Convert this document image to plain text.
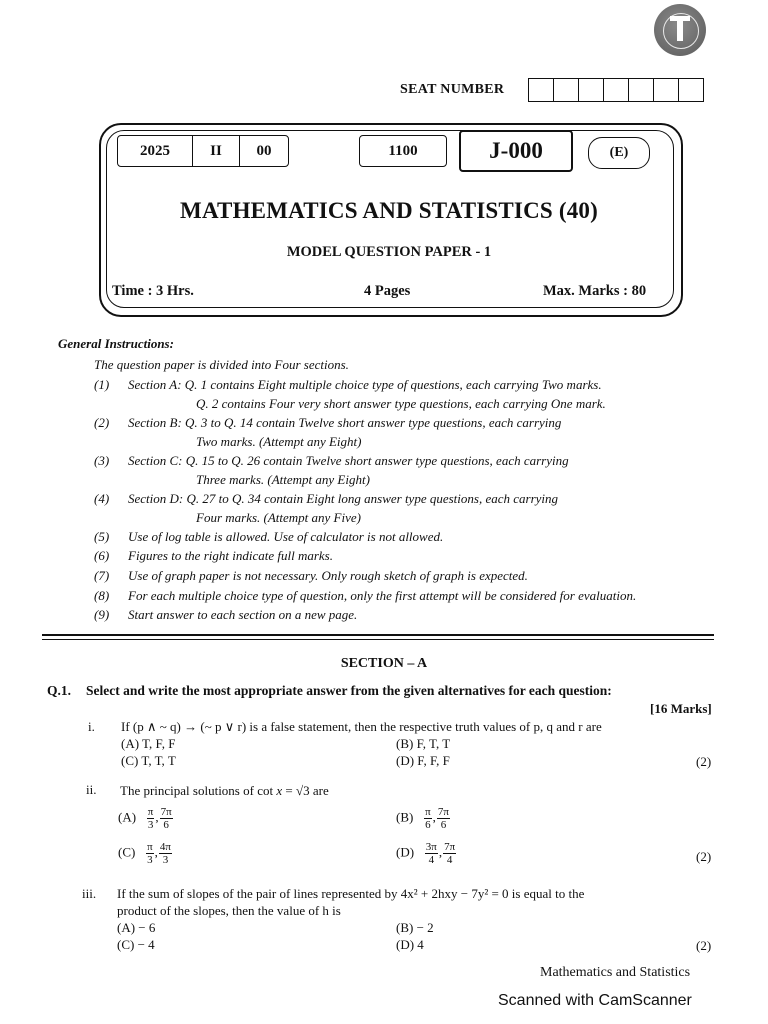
SEAT NUMBER
2025	II	00	1100	J-000	(E)
MATHEMATICS AND STATISTICS (40)
MODEL QUESTION PAPER - 1
Time : 3 Hrs.	4 Pages	Max. Marks : 80
General Instructions:
The question paper is divided into Four sections.
(1)	Section A: Q. 1 contains Eight multiple choice type of questions, each carrying Two marks.
Q. 2 contains Four very short answer type questions, each carrying One mark.
(2)	Section B: Q. 3 to Q. 14 contain Twelve short answer type questions, each carrying
Two marks. (Attempt any Eight)
(3)	Section C: Q. 15 to Q. 26 contain Twelve short answer type questions, each carrying
Three marks. (Attempt any Eight)
(4)	Section D: Q. 27 to Q. 34 contain Eight long answer type questions, each carrying
Four marks. (Attempt any Five)
(5)	Use of log table is allowed. Use of calculator is not allowed.
(6)	Figures to the right indicate full marks.
(7)	Use of graph paper is not necessary. Only rough sketch of graph is expected.
(8)	For each multiple choice type of question, only the first attempt will be considered for evaluation.
(9)	Start answer to each section on a new page.
SECTION – A
Q.1. Select and write the most appropriate answer from the given alternatives for each question:
[16 Marks]
i. If (p ∧ ~ q) → (~ p ∨ r) is a false statement, then the respective truth values of p, q and r are
(A) T, F, F	(B) F, T, T
(C) T, T, T	(D) F, F, F	(2)
ii. The principal solutions of cot x = √3 are
$(A) \frac{\pi}{3}$ , $\frac{7\pi}{6}$	$(B) \frac{\pi}{6}$ , $\frac{7\pi}{6}$
$(C) \frac{\pi}{3}$ , $\frac{4\pi}{3}$	$(D) \frac{3\pi}{4}$ , $\frac{7\pi}{4}$	(2)
iii. If the sum of slopes of the pair of lines represented by 4x² + 2hxy − 7y² = 0 is equal to the
product of the slopes, then the value of h is
(A) − 6	(B) − 2
(C) − 4	(D) 4	(2)
Mathematics and Statistics
Scanned with CamScanner
